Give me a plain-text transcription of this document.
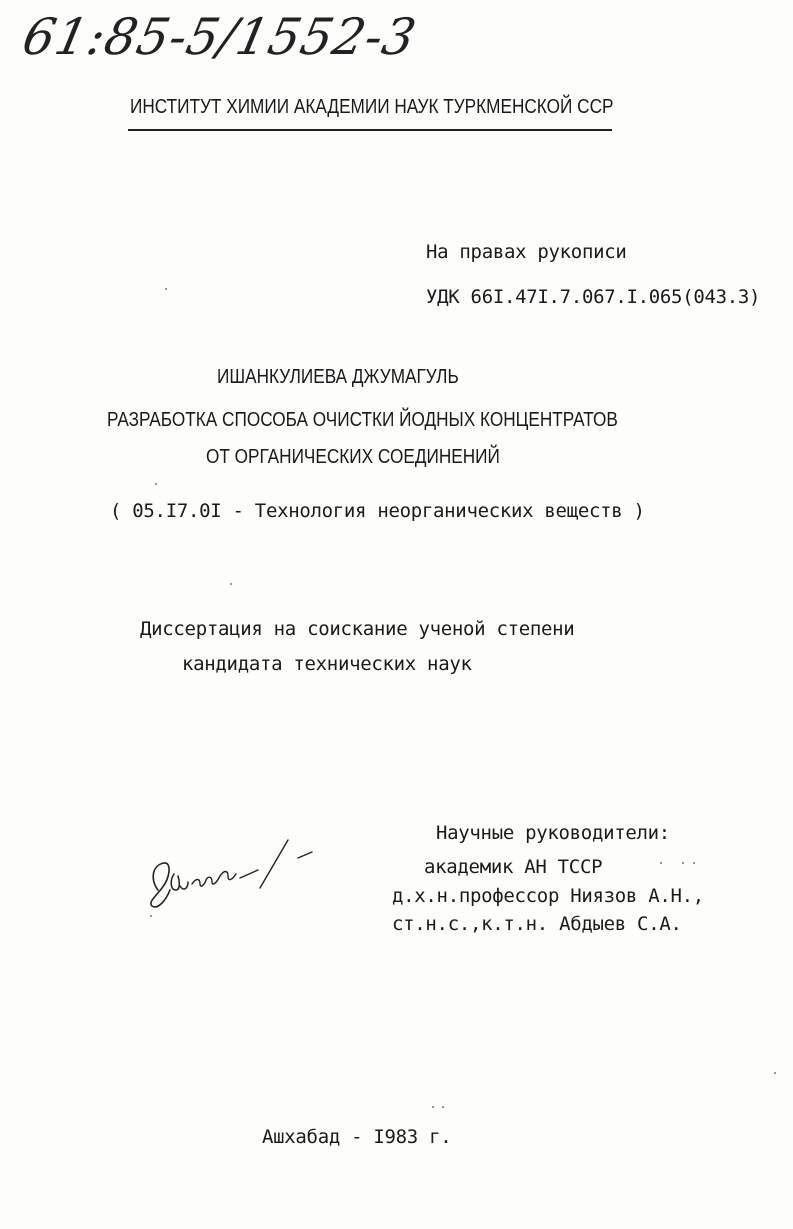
61:85-5/1552-3
ИНСТИТУТ ХИМИИ АКАДЕМИИ НАУК ТУРКМЕНСКОЙ ССР
На правах рукописи
УДК 66I.47I.7.067.I.065(043.3)
ИШАНКУЛИЕВА ДЖУМАГУЛЬ
РАЗРАБОТКА СПОСОБА ОЧИСТКИ ЙОДНЫХ КОНЦЕНТРАТОВ
ОТ ОРГАНИЧЕСКИХ СОЕДИНЕНИЙ
( 05.I7.0I - Технология неорганических веществ )
Диссертация на соискание ученой степени
кандидата технических наук
Научные руководители:
академик АН ТССР
д.х.н.профессор Ниязов А.Н.,
ст.н.с.,к.т.н. Абдыев С.А.
Ашхабад - I983 г.
